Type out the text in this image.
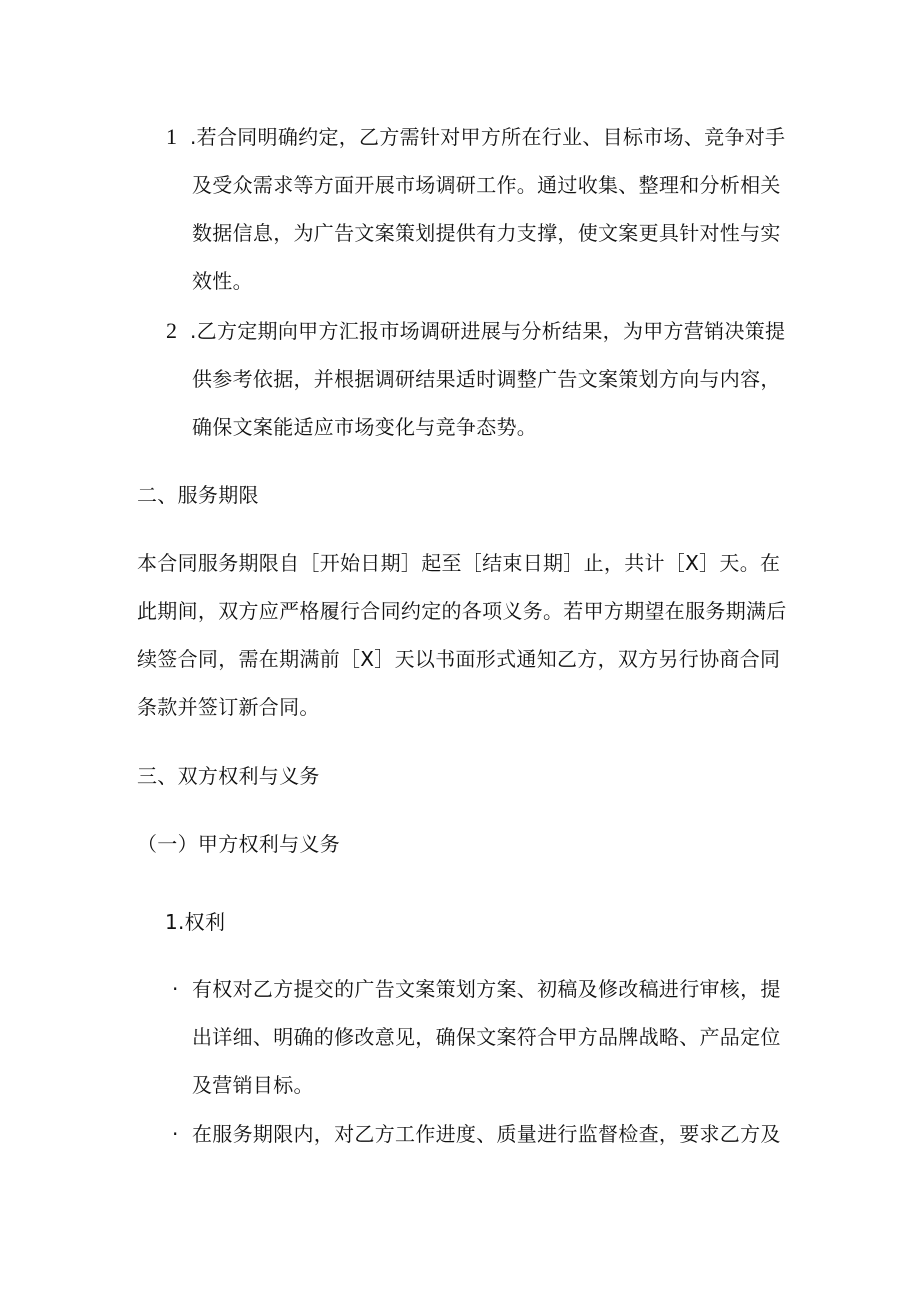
1 .若合同明确约定，乙方需针对甲方所在行业、目标市场、竞争对手
及受众需求等方面开展市场调研工作。通过收集、整理和分析相关
数据信息，为广告文案策划提供有力支撑，使文案更具针对性与实
效性。
2 .乙方定期向甲方汇报市场调研进展与分析结果，为甲方营销决策提
供参考依据，并根据调研结果适时调整广告文案策划方向与内容，
确保文案能适应市场变化与竞争态势。
二、服务期限
本合同服务期限自［开始日期］起至［结束日期］止，共计［X］天。在
此期间，双方应严格履行合同约定的各项义务。若甲方期望在服务期满后
续签合同，需在期满前［X］天以书面形式通知乙方，双方另行协商合同
条款并签订新合同。
三、双方权利与义务
（一）甲方权利与义务
1.权利
· 有权对乙方提交的广告文案策划方案、初稿及修改稿进行审核，提
出详细、明确的修改意见，确保文案符合甲方品牌战略、产品定位
及营销目标。
· 在服务期限内，对乙方工作进度、质量进行监督检查，要求乙方及
